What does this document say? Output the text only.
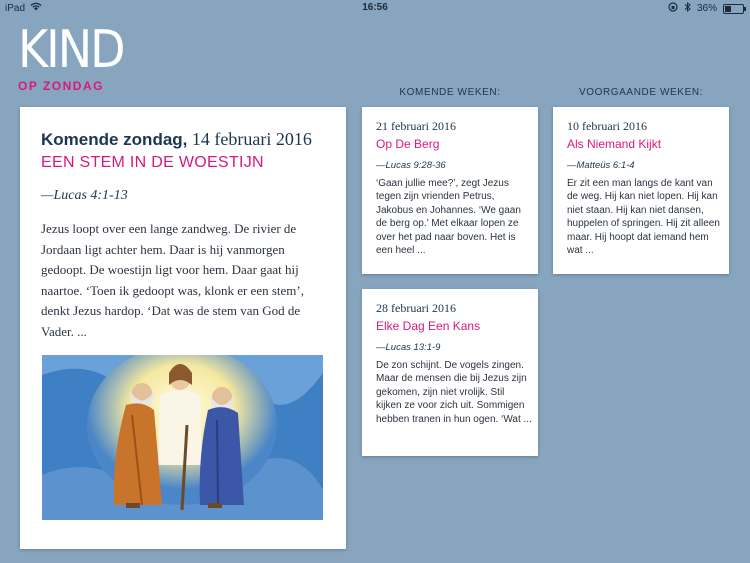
iPad	16:56	36%
KIND
OP ZONDAG
Komende zondag, 14 februari 2016
EEN STEM IN DE WOESTIJN
—Lucas 4:1-13
Jezus loopt over een lange zandweg. De rivier de Jordaan ligt achter hem. Daar is hij vanmorgen gedoopt. De woestijn ligt voor hem. Daar gaat hij naartoe. ‘Toen ik gedoopt was, klonk er een stem’, denkt Jezus hardop. ‘Dat was de stem van God de Vader. ...
KOMENDE WEKEN:	VOORGAANDE WEKEN:
21 februari 2016
Op De Berg
—Lucas 9:28-36
‘Gaan jullie mee?’, zegt Jezus tegen zijn vrienden Petrus, Jakobus en Johannes. ‘We gaan de berg op.’ Met elkaar lopen ze over het pad naar boven. Het is een heel ...
10 februari 2016
Als Niemand Kijkt
—Matteüs 6:1-4
Er zit een man langs de kant van de weg. Hij kan niet lopen. Hij kan niet staan. Hij kan niet dansen, huppelen of springen. Hij zit alleen maar. Hij hoopt dat iemand hem wat ...
28 februari 2016
Elke Dag Een Kans
—Lucas 13:1-9
De zon schijnt. De vogels zingen. Maar de mensen die bij Jezus zijn gekomen, zijn niet vrolijk. Stil kijken ze voor zich uit. Sommigen hebben tranen in hun ogen. ‘Wat ...
